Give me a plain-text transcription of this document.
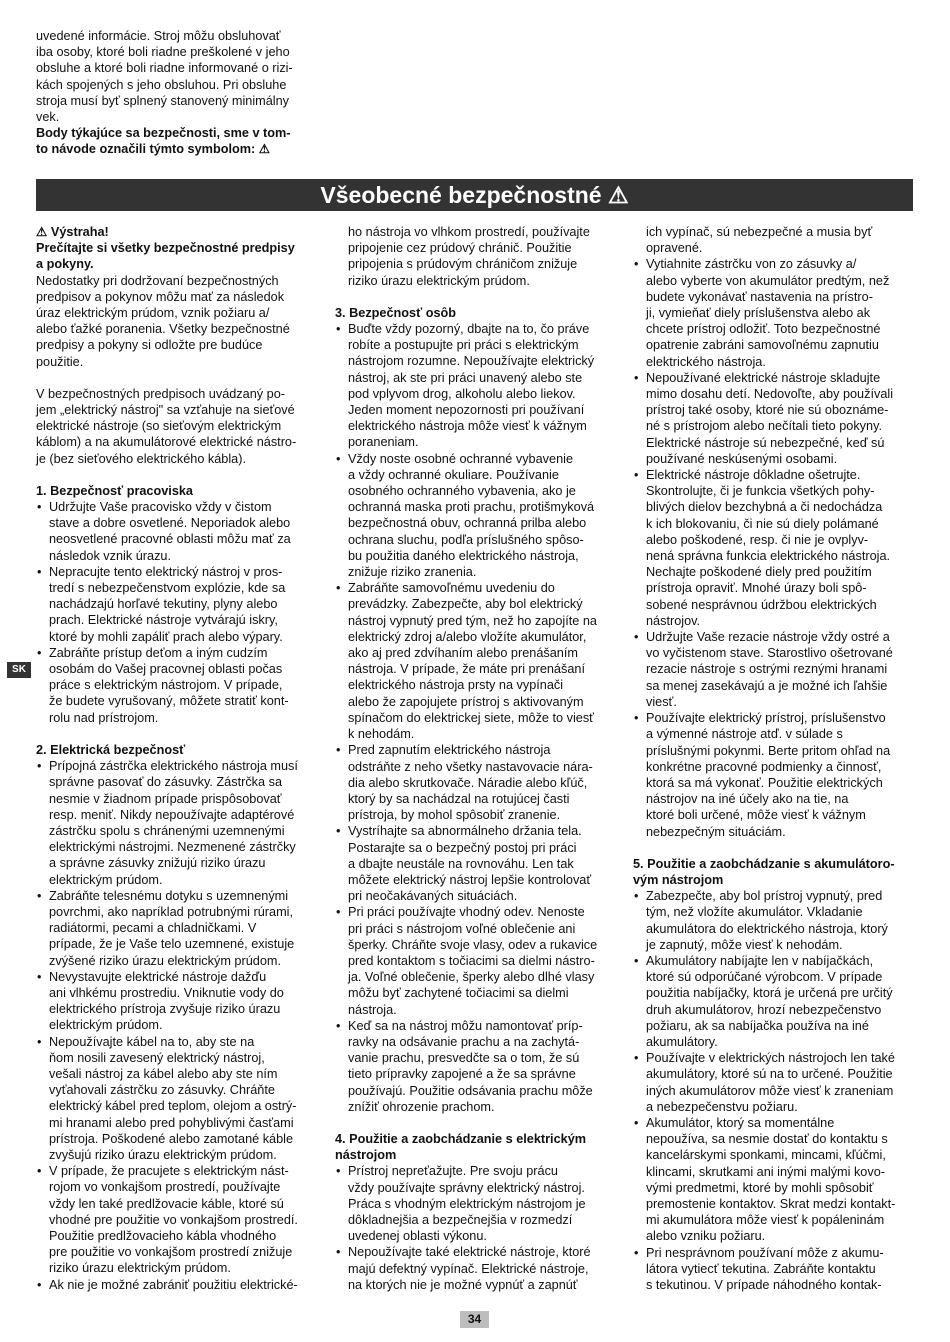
uvedené informácie. Stroj môžu obsluhovať
iba osoby, ktoré boli riadne preškolené v jeho
obsluhe a ktoré boli riadne informované o rizi-
kách spojených s jeho obsluhou. Pri obsluhe
stroja musí byť splnený stanovený minimálny
vek.

Body týkajúce sa bezpečnosti, sme v tom-
to návode označili týmto symbolom: ⚠

Všeobecné bezpečnostné ⚠

⚠ Výstraha!

Prečítajte si všetky bezpečnostné predpisy
a pokyny.

Nedostatky pri dodržovaní bezpečnostných
predpisov a pokynov môžu mať za následok
úraz elektrickým prúdom, vznik požiaru a/
alebo ťažké poranenia. Všetky bezpečnostné
predpisy a pokyny si odložte pre budúce
použitie.

V bezpečnostných predpisoch uvádzaný po-
jem „elektrický nástroj" sa vzťahuje na sieťové
elektrické nástroje (so sieťovým elektrickým
káblom) a na akumulátorové elektrické nástro-
je (bez sieťového elektrického kábla).

1. Bezpečnosť pracoviska

• Udržujte Vaše pracovisko vždy v čistom
stave a dobre osvetlené. Neporiadok alebo
neosvetlené pracovné oblasti môžu mať za
následok vznik úrazu.
• Nepracujte tento elektrický nástroj v pros-
tredí s nebezpečenstvom explózie, kde sa
nachádzajú horľavé tekutiny, plyny alebo
prach. Elektrické nástroje vytvárajú iskry,
ktoré by mohli zapáliť prach alebo výpary.
• Zabráňte prístup deťom a iným cudzím
osobám do Vašej pracovnej oblasti počas
práce s elektrickým nástrojom. V prípade,
že budete vyrušovaný, môžete stratiť kont-
rolu nad prístrojom.

2. Elektrická bezpečnosť

• Prípojná zástrčka elektrického nástroja musí
správne pasovať do zásuvky. Zástrčka sa
nesmie v žiadnom prípade prispôsobovať
resp. meniť. Nikdy nepoužívajte adaptérové
zástrčku spolu s chránenými uzemnenými
elektrickými nástrojmi. Nezmenené zástrčky
a správne zásuvky znižujú riziko úrazu
elektrickým prúdom.
• Zabráňte telesnému dotyku s uzemnenými
povrchmi, ako napríklad potrubnými rúrami,
radiátormi, pecami a chladničkami. V
prípade, že je Vaše telo uzemnené, existuje
zvýšené riziko úrazu elektrickým prúdom.
• Nevystavujte elektrické nástroje dažďu
ani vlhkému prostrediu. Vniknutie vody do
elektrického prístroja zvyšuje riziko úrazu
elektrickým prúdom.
• Nepoužívajte kábel na to, aby ste na
ňom nosili zavesený elektrický nástroj,
vešali nástroj za kábel alebo aby ste ním
vyťahovali zástrčku zo zásuvky. Chráňte
elektrický kábel pred teplom, olejom a ostrý-
mi hranami alebo pred pohyblivými časťami
prístroja. Poškodené alebo zamotané káble
zvyšujú riziko úrazu elektrickým prúdom.
• V prípade, že pracujete s elektrickým nást-
rojom vo vonkajšom prostredí, používajte
vždy len také predlžovacie káble, ktoré sú
vhodné pre použitie vo vonkajšom prostredí.
Použitie predlžovacieho kábla vhodného
pre použitie vo vonkajšom prostredí znižuje
riziko úrazu elektrickým prúdom.
• Ak nie je možné zabrániť použitiu elektrické-

ho nástroja vo vlhkom prostredí, používajte
pripojenie cez prúdový chránič. Použitie
pripojenia s prúdovým chráničom znižuje
riziko úrazu elektrickým prúdom.

3. Bezpečnosť osôb

• Buďte vždy pozorný, dbajte na to, čo práve
robíte a postupujte pri práci s elektrickým
nástrojom rozumne. Nepoužívajte elektrický
nástroj, ak ste pri práci unavený alebo ste
pod vplyvom drog, alkoholu alebo liekov.
Jeden moment nepozornosti pri používaní
elektrického nástroja môže viesť k vážnym
poraneniam.
• Vždy noste osobné ochranné vybavenie
a vždy ochranné okuliare. Používanie
osobného ochranného vybavenia, ako je
ochranná maska proti prachu, protišmyková
bezpečnostná obuv, ochranná prilba alebo
ochrana sluchu, podľa príslušného spôso-
bu použitia daného elektrického nástroja,
znižuje riziko zranenia.
• Zabráňte samovoľnému uvedeniu do
prevádzky. Zabezpečte, aby bol elektrický
nástroj vypnutý pred tým, než ho zapojíte na
elektrický zdroj a/alebo vložíte akumulátor,
ako aj pred zdvíhaním alebo prenášaním
nástroja. V prípade, že máte pri prenášaní
elektrického nástroja prsty na vypínači
alebo že zapojujete prístroj s aktivovaným
spínačom do elektrickej siete, môže to viesť
k nehodám.
• Pred zapnutím elektrického nástroja
odstráňte z neho všetky nastavovacie nára-
dia alebo skrutkovače. Náradie alebo kľúč,
ktorý by sa nachádzal na rotujúcej časti
prístroja, by mohol spôsobiť zranenie.
• Vystríhajte sa abnormálneho držania tela.
Postarajte sa o bezpečný postoj pri práci
a dbajte neustále na rovnováhu. Len tak
môžete elektrický nástroj lepšie kontrolovať
pri neočakávaných situáciách.
• Pri práci používajte vhodný odev. Nenoste
pri práci s nástrojom voľné oblečenie ani
šperky. Chráňte svoje vlasy, odev a rukavice
pred kontaktom s točiacimi sa dielmi nástro-
ja. Voľné oblečenie, šperky alebo dlhé vlasy
môžu byť zachytené točiacimi sa dielmi
nástroja.
• Keď sa na nástroj môžu namontovať príp-
ravky na odsávanie prachu a na zachytá-
vanie prachu, presvedčte sa o tom, že sú
tieto prípravky zapojené a že sa správne
používajú. Použitie odsávania prachu môže
znížiť ohrozenie prachom.

4. Použitie a zaobchádzanie s elektrickým
nástrojom

• Prístroj nepreťažujte. Pre svoju prácu
vždy používajte správny elektrický nástroj.
Práca s vhodným elektrickým nástrojom je
dôkladnejšia a bezpečnejšia v rozmedzí
uvedenej oblasti výkonu.
• Nepoužívajte také elektrické nástroje, ktoré
majú defektný vypínač. Elektrické nástroje,
na ktorých nie je možné vypnúť a zapnúť

ich vypínač, sú nebezpečné a musia byť
opravené.

• Vytiahnite zástrčku von zo zásuvky a/
alebo vyberte von akumulátor predtým, než
budete vykonávať nastavenia na prístro-
ji, vymieňať diely príslušenstva alebo ak
chcete prístroj odložiť. Toto bezpečnostné
opatrenie zabráni samovoľnému zapnutiu
elektrického nástroja.
• Nepoužívané elektrické nástroje skladujte
mimo dosahu detí. Nedovoľte, aby používali
prístroj také osoby, ktoré nie sú oboznáme-
né s prístrojom alebo nečítali tieto pokyny.
Elektrické nástroje sú nebezpečné, keď sú
používané neskúsenými osobami.
• Elektrické nástroje dôkladne ošetrujte.
Skontrolujte, či je funkcia všetkých pohy-
blivých dielov bezchybná a či nedochádza
k ich blokovaniu, či nie sú diely polámané
alebo poškodené, resp. či nie je ovplyv-
nená správna funkcia elektrického nástroja.
Nechajte poškodené diely pred použitím
prístroja opraviť. Mnohé úrazy boli spô-
sobené nesprávnou údržbou elektrických
nástrojov.
• Udržujte Vaše rezacie nástroje vždy ostré a
vo vyčistenom stave. Starostlivo ošetrované
rezacie nástroje s ostrými reznými hranami
sa menej zasekávajú a je možné ich ľahšie
viesť.
• Používajte elektrický prístroj, príslušenstvo
a výmenné nástroje atď. v súlade s
príslušnými pokynmi. Berte pritom ohľad na
konkrétne pracovné podmienky a činnosť,
ktorá sa má vykonať. Použitie elektrických
nástrojov na iné účely ako na tie, na
ktoré boli určené, môže viesť k vážnym
nebezpečným situáciám.

5. Použitie a zaobchádzanie s akumulátoro-
vým nástrojom

• Zabezpečte, aby bol prístroj vypnutý, pred
tým, než vložíte akumulátor. Vkladanie
akumulátora do elektrického nástroja, ktorý
je zapnutý, môže viesť k nehodám.
• Akumulátory nabíjajte len v nabíjačkách,
ktoré sú odporúčané výrobcom. V prípade
použitia nabíjačky, ktorá je určená pre určitý
druh akumulátorov, hrozí nebezpečenstvo
požiaru, ak sa nabíjačka používa na iné
akumulátory.
• Používajte v elektrických nástrojoch len také
akumulátory, ktoré sú na to určené. Použitie
iných akumulátorov môže viesť k zraneniam
a nebezpečenstvu požiaru.
• Akumulátor, ktorý sa momentálne
nepoužíva, sa nesmie dostať do kontaktu s
kancelárskymi sponkami, mincami, kľúčmi,
klincami, skrutkami ani inými malými kovo-
vými predmetmi, ktoré by mohli spôsobiť
premostenie kontaktov. Skrat medzi kontakt-
mi akumulátora môže viesť k popáleninám
alebo vzniku požiaru.
• Pri nesprávnom používaní môže z akumu-
látora vytiecť tekutina. Zabráňte kontaktu
s tekutinou. V prípade náhodného kontak-
SK
34
